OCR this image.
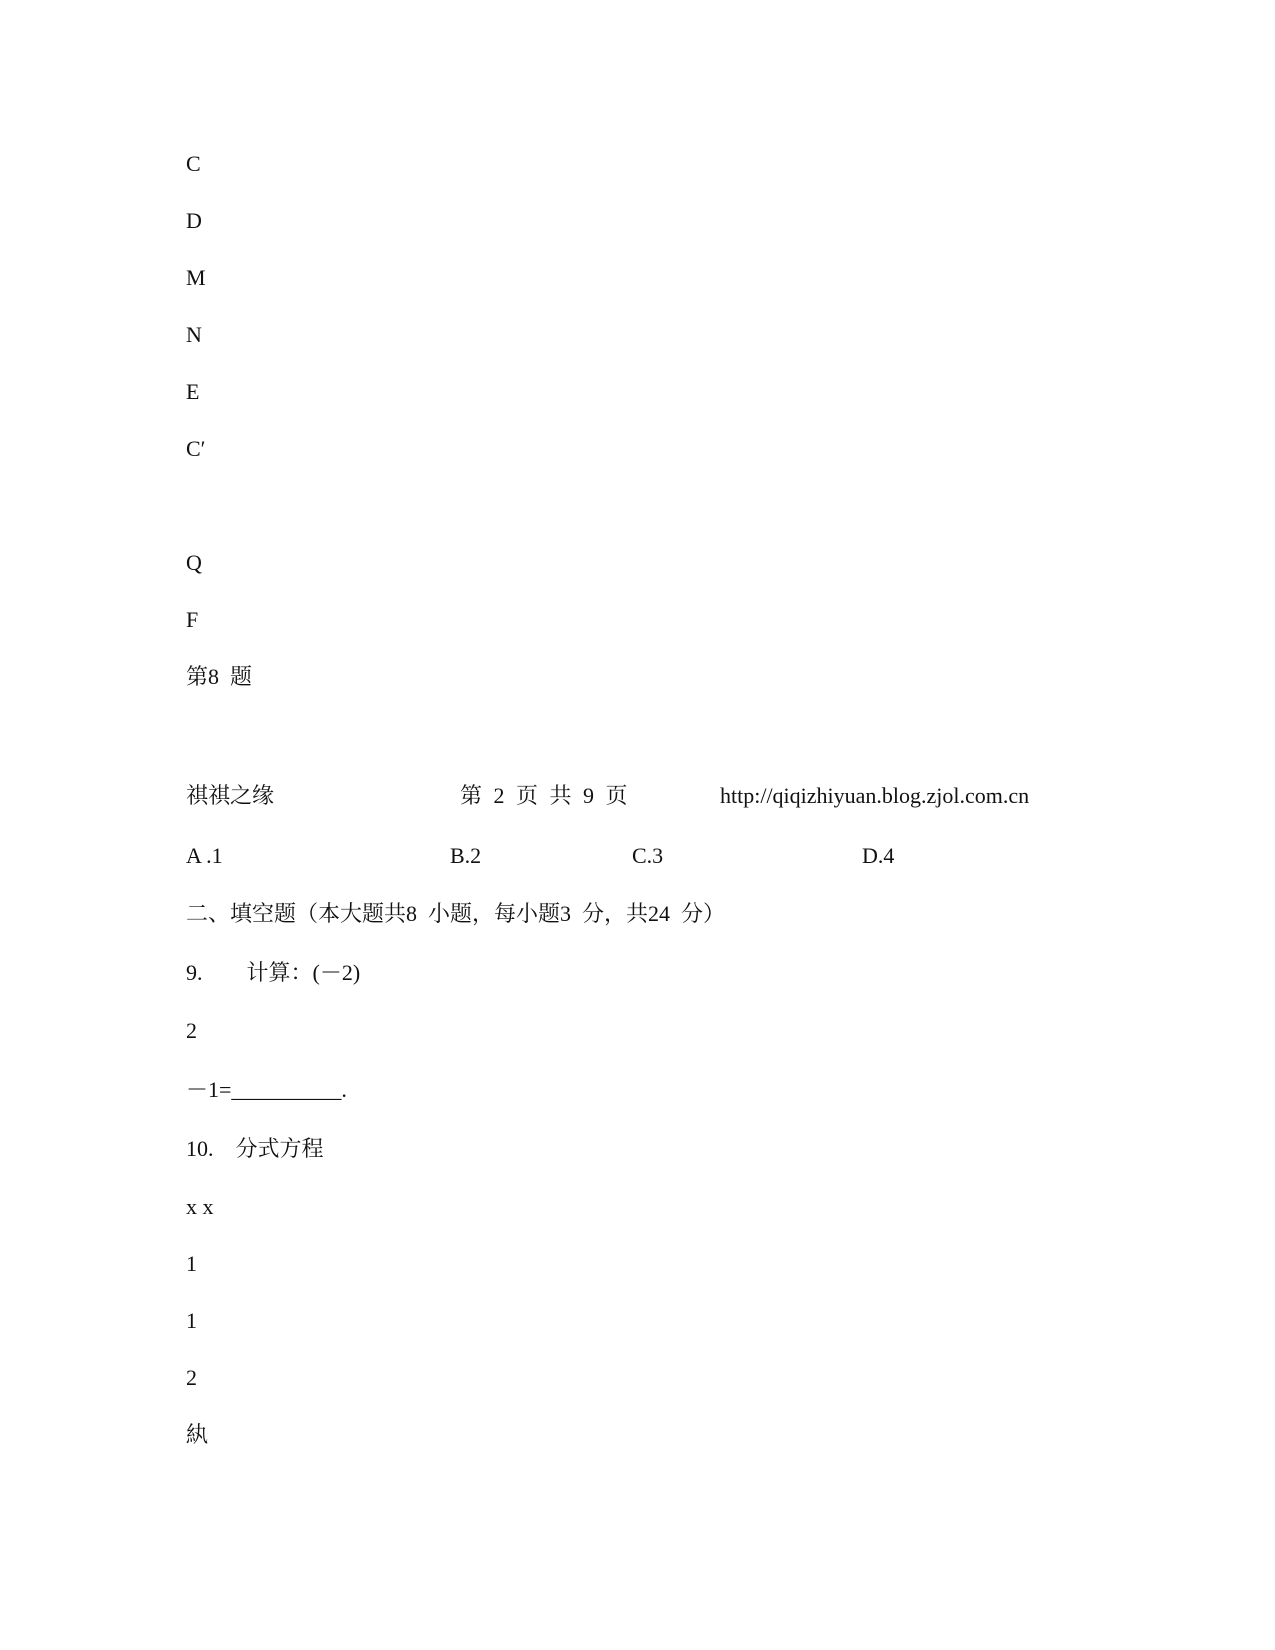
C
D
M
N
E
C′
Q
F
第8  题
祺祺之缘	第 2 页 共 9 页	http://qiqizhiyuan.blog.zjol.com.cn
A .1	B.2	C.3	D.4
二、填空题（本大题共8  小题，每小题3  分，共24  分）
9.        计算：(－2)
2
－1=__________.
10.    分式方程
x x
1
1
2
紈
